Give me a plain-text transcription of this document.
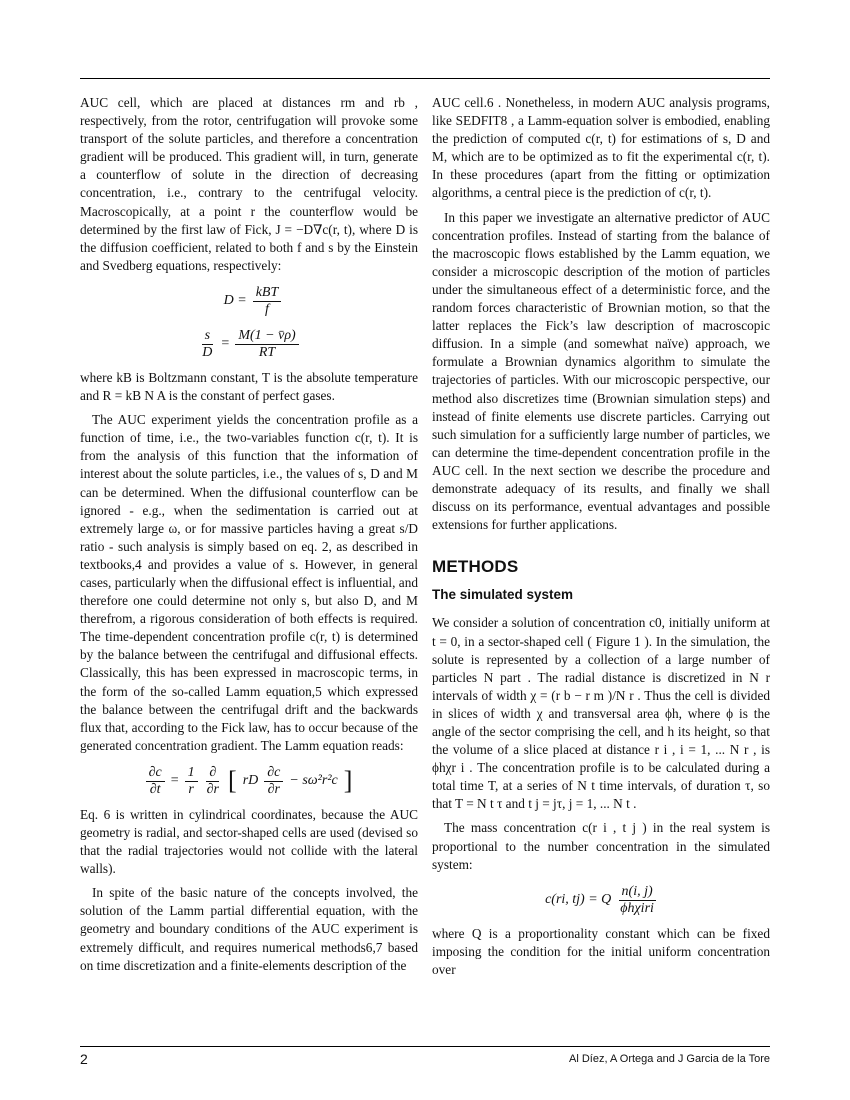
AUC cell, which are placed at distances rm and rb , respectively, from the rotor, centrifugation will provoke some transport of the solute particles, and therefore a concentration gradient will be produced. This gradient will, in turn, generate a counterflow of solute in the direction of decreasing concentration, i.e., contrary to the centrifugal velocity. Macroscopically, at a point r the counterflow would be determined by the first law of Fick, J = −D∇c(r, t), where D is the diffusion coefficient, related to both f and s by the Einstein and Svedberg equations, respectively:

$D = \frac{\text{kBT}}{f}$
$\frac{s}{D} = \frac{M(1 - v̄\rho)}{RT}$

where kB is Boltzmann constant, T is the absolute temperature and R = kB N A is the constant of perfect gases.

The AUC experiment yields the concentration profile as a function of time, i.e., the two-variables function c(r, t). It is from the analysis of this function that the information of interest about the solute particles, i.e., the values of s, D and M can be determined. When the diffusional counterflow can be ignored - e.g., when the sedimentation is carried out at extremely large ω, or for massive particles having a great s/D ratio - such analysis is simply based on eq. 2, as described in textbooks,4 and provides a value of s. However, in general cases, particularly when the diffusional effect is influential, and therefore one could determine not only s, but also D, and M therefrom, a rigorous consideration of both effects is required. The time-dependent concentration profile c(r, t) is determined by the balance between the centrifugal and diffusional effects. Classically, this has been expressed in macroscopic terms, in the form of the so-called Lamm equation,5 which expressed the balance between the centrifugal drift and the backwards flux that, according to the Fick law, has to occur because of the generated concentration gradient. The Lamm equation reads:

$\frac{\partial c}{\partial t} = \frac{1}{r} \frac{\partial}{\partial r}$ [ rD $\frac{\partial c}{\partial r} - s\omega^2r^2c$ ]

Eq. 6 is written in cylindrical coordinates, because the AUC geometry is radial, and sector-shaped cells are used (devised so that the radial trajectories would not collide with the lateral walls).

In spite of the basic nature of the concepts involved, the solution of the Lamm partial differential equation, with the geometry and boundary conditions of the AUC experiment is extremely difficult, and requires numerical methods6,7 based on time discretization and a finite-elements description of the

AUC cell.6 . Nonetheless, in modern AUC analysis programs, like SEDFIT8 , a Lamm-equation solver is embodied, enabling the prediction of computed c(r, t) for estimations of s, D and M, which are to be optimized as to fit the experimental c(r, t). In these procedures (apart from the fitting or optimization algorithms, a central piece is the prediction of c(r, t).

In this paper we investigate an alternative predictor of AUC concentration profiles. Instead of starting from the balance of the macroscopic flows established by the Lamm equation, we consider a microscopic description of the motion of particles under the simultaneous effect of a deterministic force, and the random forces characteristic of Brownian motion, so that the latter replaces the Fick’s law description of macroscopic diffusion. In a simple (and somewhat naïve) approach, we formulate a Brownian dynamics algorithm to simulate the trajectories of particles. With our microscopic perspective, our method also discretizes time (Brownian simulation steps) and instead of finite elements use discrete particles. Carrying out such simulation for a sufficiently large number of particles, we can determine the time-dependent concentration profile in the AUC cell. In the next section we describe the procedure and demonstrate adequacy of its results, and finally we shall discuss on its performance, eventual advantages and possible extensions for further applications.

METHODS
The simulated system

We consider a solution of concentration c0, initially uniform at t = 0, in a sector-shaped cell ( Figure 1 ). In the simulation, the solute is represented by a collection of a large number of particles N part . The radial distance is discretized in N r intervals of width χ = (r b − r m )/N r . Thus the cell is divided in slices of width χ and transversal area ϕh, where ϕ is the angle of the sector comprising the cell, and h its height, so that the volume of a slice placed at distance r i , i = 1, ... N r , is ϕhχr i . The concentration profile is to be calculated during a total time T, at a series of N t time intervals, of duration τ, so that T = N t τ and t j = jτ, j = 1, ... N t .

The mass concentration c(r i , t j ) in the real system is proportional to the number concentration in the simulated system:

c(ri, tj) = Q $\frac{n(i, j)}{\text{ϕhχiri}}$

where Q is a proportionality constant which can be fixed imposing the condition for the initial uniform concentration over

2	Al Díez, A Ortega and J Garcia de la Tore
